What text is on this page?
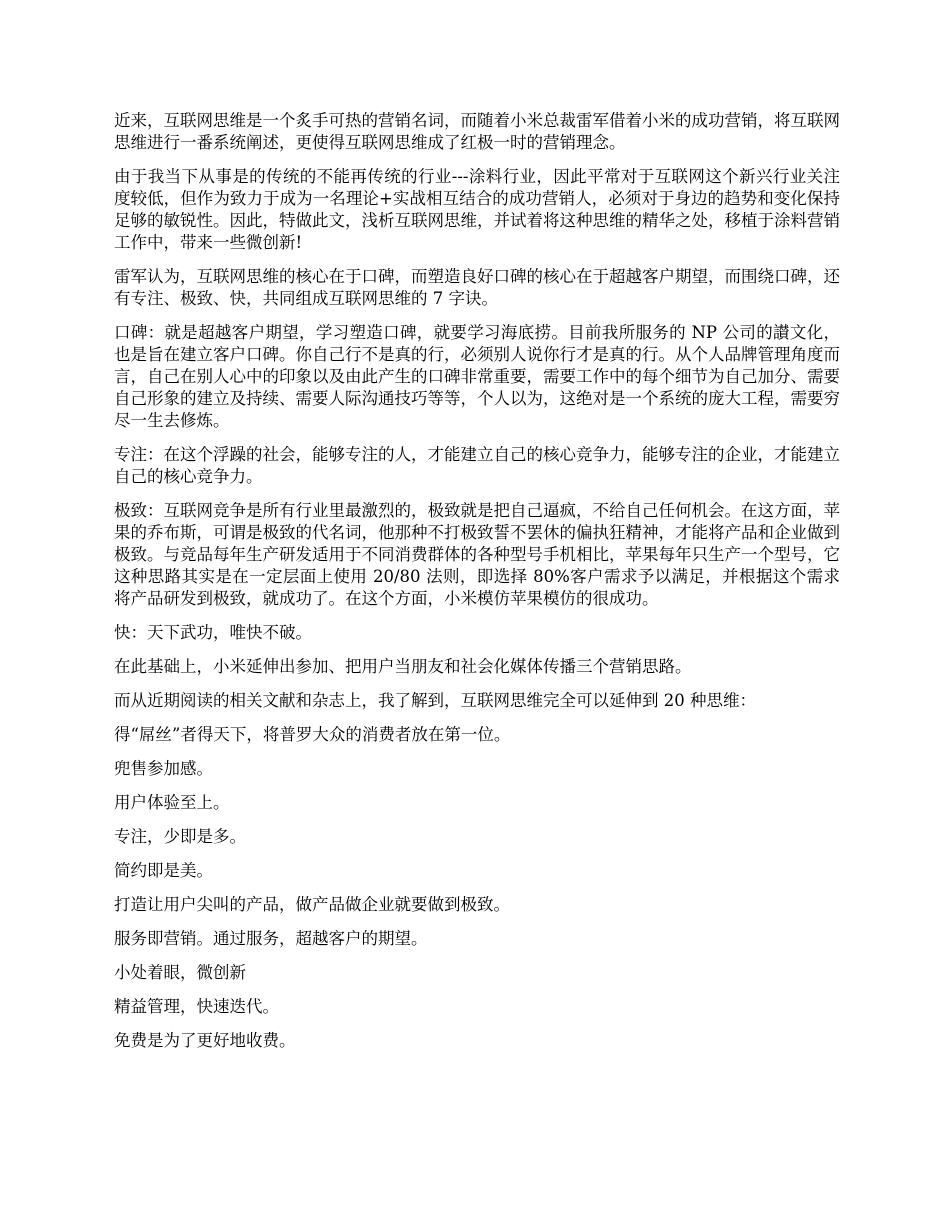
近来，互联网思维是一个炙手可热的营销名词，而随着小米总裁雷军借着小米的成功营销，将互联网思维进行一番系统阐述，更使得互联网思维成了红极一时的营销理念。

由于我当下从事是的传统的不能再传统的行业---涂料行业，因此平常对于互联网这个新兴行业关注度较低，但作为致力于成为一名理论+实战相互结合的成功营销人，必须对于身边的趋势和变化保持足够的敏锐性。因此，特做此文，浅析互联网思维，并试着将这种思维的精华之处，移植于涂料营销工作中，带来一些微创新!

雷军认为，互联网思维的核心在于口碑，而塑造良好口碑的核心在于超越客户期望，而围绕口碑，还有专注、极致、快，共同组成互联网思维的 7 字诀。

口碑：就是超越客户期望，学习塑造口碑，就要学习海底捞。目前我所服务的 NP 公司的讃文化，也是旨在建立客户口碑。你自己行不是真的行，必须别人说你行才是真的行。从个人品牌管理角度而言，自己在别人心中的印象以及由此产生的口碑非常重要，需要工作中的每个细节为自己加分、需要自己形象的建立及持续、需要人际沟通技巧等等，个人以为，这绝对是一个系统的庞大工程，需要穷尽一生去修炼。

专注：在这个浮躁的社会，能够专注的人，才能建立自己的核心竞争力，能够专注的企业，才能建立自己的核心竞争力。

极致：互联网竞争是所有行业里最激烈的，极致就是把自己逼疯，不给自己任何机会。在这方面，苹果的乔布斯，可谓是极致的代名词，他那种不打极致誓不罢休的偏执狂精神，才能将产品和企业做到极致。与竞品每年生产研发适用于不同消费群体的各种型号手机相比，苹果每年只生产一个型号，它这种思路其实是在一定层面上使用 20/80 法则，即选择 80%客户需求予以满足，并根据这个需求将产品研发到极致，就成功了。在这个方面，小米模仿苹果模仿的很成功。

快：天下武功，唯快不破。

在此基础上，小米延伸出参加、把用户当朋友和社会化媒体传播三个营销思路。

而从近期阅读的相关文献和杂志上，我了解到，互联网思维完全可以延伸到 20 种思维：

得“屌丝”者得天下，将普罗大众的消费者放在第一位。

兜售参加感。

用户体验至上。

专注，少即是多。

简约即是美。

打造让用户尖叫的产品，做产品做企业就要做到极致。

服务即营销。通过服务，超越客户的期望。

小处着眼，微创新

精益管理，快速迭代。

免费是为了更好地收费。
